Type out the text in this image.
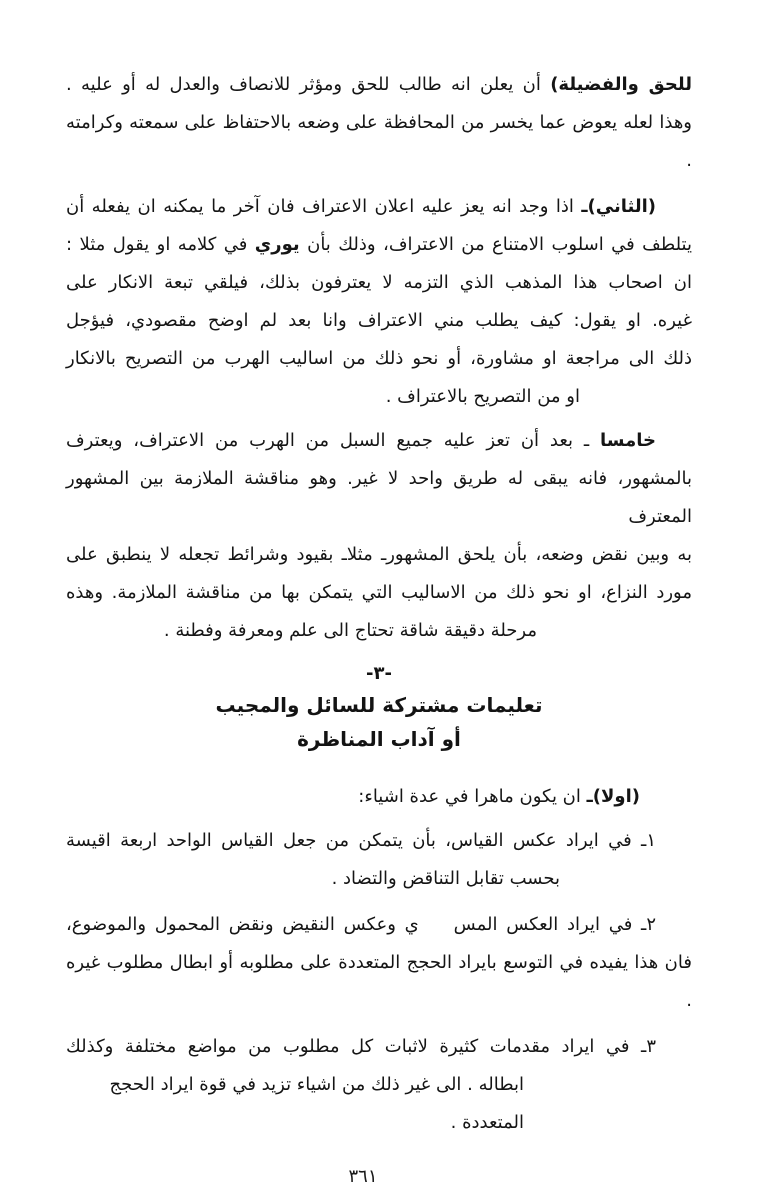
للحق والفضيلة) أن يعلن انه طالب للحق ومؤثر للانصاف والعدل له أو عليه .
وهذا لعله يعوض عما يخسر من المحافظة على وضعه بالاحتفاظ على سمعته وكرامته .
(الثاني)ـ اذا وجد انه يعز عليه اعلان الاعتراف فان آخر ما يمكنه ان يفعله أن
يتلطف في اسلوب الامتناع من الاعتراف، وذلك بأن يوري في كلامه او يقول مثلا :
ان اصحاب هذا المذهب الذي التزمه لا يعترفون بذلك، فيلقي تبعة الانكار على
غيره. او يقول: كيف يطلب مني الاعتراف وانا بعد لم اوضح مقصودي، فيؤجل
ذلك الى مراجعة او مشاورة، أو نحو ذلك من اساليب الهرب من التصريح بالانكار
او من التصريح بالاعتراف .
خامسا ـ بعد أن تعز عليه جميع السبل من الهرب من الاعتراف، ويعترف
بالمشهور، فانه يبقى له طريق واحد لا غير. وهو مناقشة الملازمة بين المشهور المعترف
به وبين نقض وضعه، بأن يلحق المشهورـ مثلاـ بقيود وشرائط تجعله لا ينطبق على
مورد النزاع، او نحو ذلك من الاساليب التي يتمكن بها من مناقشة الملازمة. وهذه
مرحلة دقيقة شاقة تحتاج الى علم ومعرفة وفطنة .
-٣-
تعليمات مشتركة للسائل والمجيب
أو آداب المناظرة
(اولا)ـ ان يكون ماهرا في عدة اشياء:
١ـ في ايراد عكس القياس، بأن يتمكن من جعل القياس الواحد اربعة اقيسة
بحسب تقابل التناقض والتضاد .
٢ـ في ايراد العكس المس    ي وعكس النقيض ونقض المحمول والموضوع،
فان هذا يفيده في التوسع بايراد الحجج المتعددة على مطلوبه أو ابطال مطلوب غيره .
٣ـ في ايراد مقدمات كثيرة لاثبات كل مطلوب من مواضع مختلفة وكذلك
ابطاله . الى غير ذلك من اشياء تزيد في قوة ايراد الحجج المتعددة .
٣٦١
